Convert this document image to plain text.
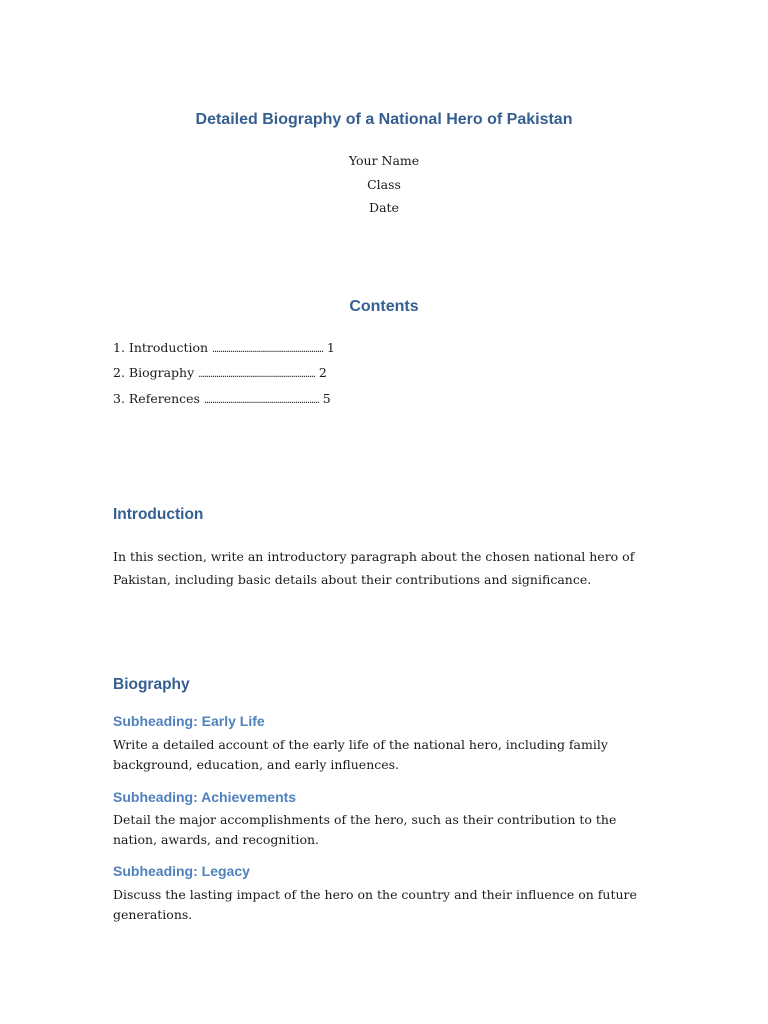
Detailed Biography of a National Hero of Pakistan
Your Name
Class
Date
Contents
1. Introduction ........................................................ 1
2. Biography ........................................................... 2
3. References .......................................................... 5
Introduction

In this section, write an introductory paragraph about the chosen national hero of Pakistan, including basic details about their contributions and significance.

Biography
Subheading: Early Life

Write a detailed account of the early life of the national hero, including family background, education, and early influences.

Subheading: Achievements

Detail the major accomplishments of the hero, such as their contribution to the nation, awards, and recognition.

Subheading: Legacy

Discuss the lasting impact of the hero on the country and their influence on future generations.
